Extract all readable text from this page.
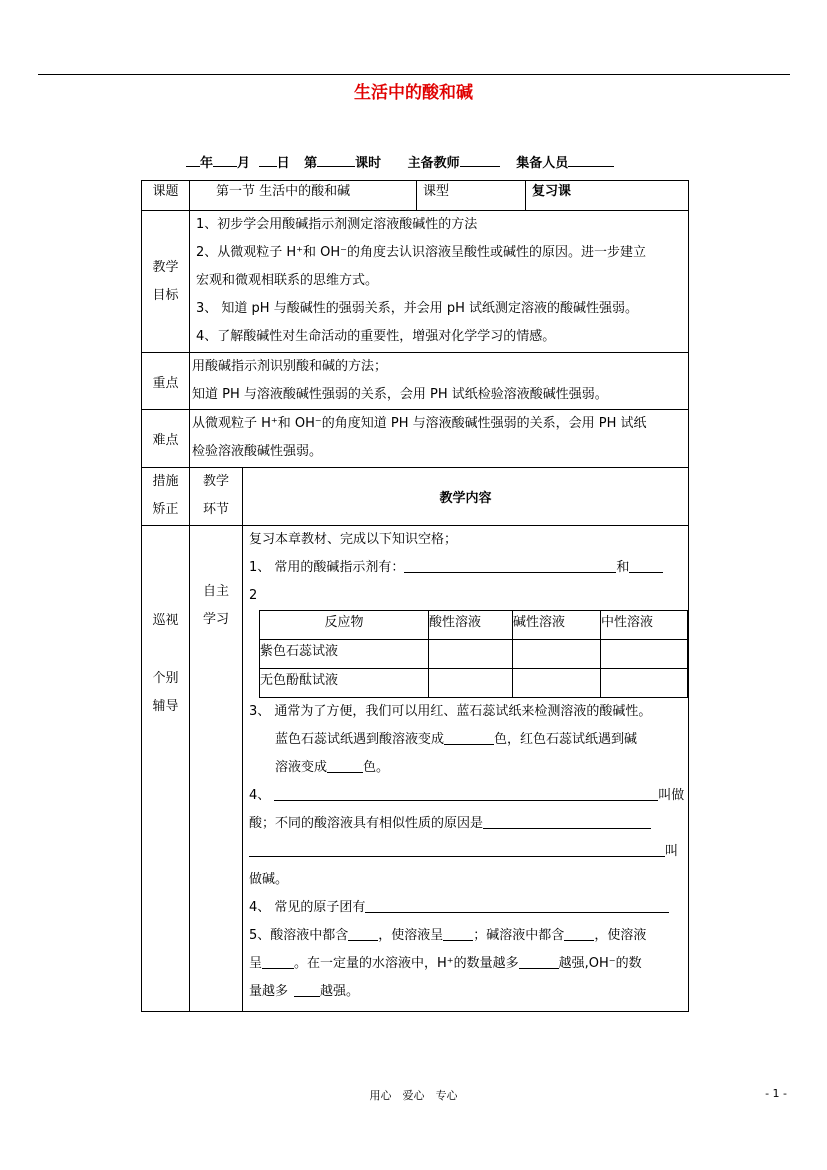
生活中的酸和碱
年 月 日 第	课时 主备教师	集备人员
课题	第一节 生活中的酸和碱	课型	复习课

教学
目标

1、初步学会用酸碱指示剂测定溶液酸碱性的方法
2、从微观粒子 H⁺和 OH⁻的角度去认识溶液呈酸性或碱性的原因。进一步建立
宏观和微观相联系的思维方式。
3、 知道 pH 与酸碱性的强弱关系，并会用 pH 试纸测定溶液的酸碱性强弱。
4、了解酸碱性对生命活动的重要性，增强对化学学习的情感。

重点	
用酸碱指示剂识别酸和碱的方法；
知道 PH 与溶液酸碱性强弱的关系，会用 PH 试纸检验溶液酸碱性强弱。

难点	
从微观粒子 H⁺和 OH⁻的角度知道 PH 与溶液酸碱性强弱的关系，会用 PH 试纸
检验溶液酸碱性强弱。

措施
矫正

教学
环节
	教学内容

巡视
个别
辅导

自主
学习

复习本章教材、完成以下知识空格；
1、 常用的酸碱指示剂有：	和
2
反应物	酸性溶液	碱性溶液	中性溶液
紫色石蕊试液			
无色酚酞试液			
3、 通常为了方便，我们可以用红、蓝石蕊试纸来检测溶液的酸碱性。
蓝色石蕊试纸遇到酸溶液变成	色，红色石蕊试纸遇到碱
溶液变成	色。
4、	叫做
酸；不同的酸溶液具有相似性质的原因是
叫
做碱。
4、 常见的原子团有
5、酸溶液中都含 ，使溶液呈 ；碱溶液中都含 ，使溶液
呈 。在一定量的水溶液中，H⁺的数量越多	越强,OH⁻的数
量越多 越强。
用心　爱心　专心	- 1 -
